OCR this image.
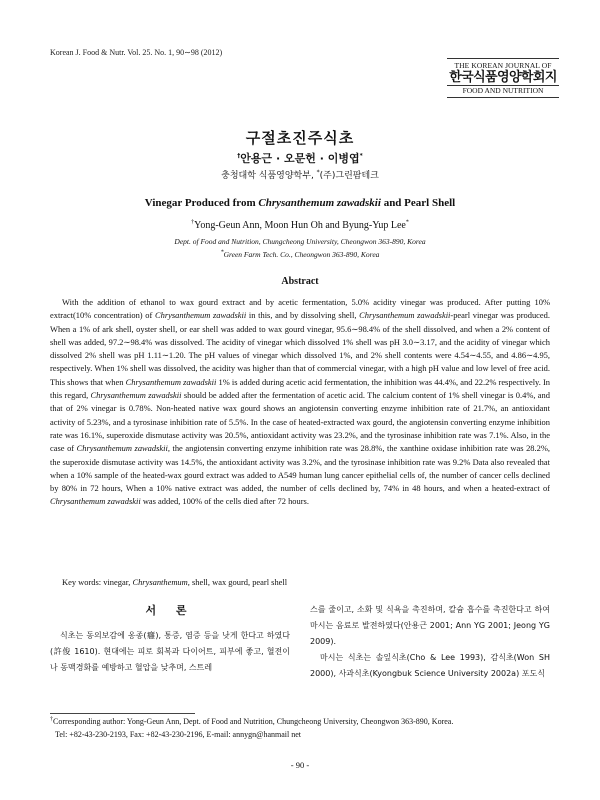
Korean J. Food & Nutr. Vol. 25. No. 1, 90∼98 (2012)
THE KOREAN JOURNAL OF
한국식품영양학회지
FOOD AND NUTRITION
구절초진주식초
†안용근 · 오문헌 · 이병엽*
충청대학 식품영양학부, *(주)그린팜테크
Vinegar Produced from Chrysanthemum zawadskii and Pearl Shell
†Yong-Geun Ann, Moon Hun Oh and Byung-Yup Lee*
Dept. of Food and Nutrition, Chungcheong University, Cheongwon 363-890, Korea
*Green Farm Tech. Co., Cheongwon 363-890, Korea
Abstract
With the addition of ethanol to wax gourd extract and by acetic fermentation, 5.0% acidity vinegar was produced. After putting 10% extract(10% concentration) of Chrysanthemum zawadskii in this, and by dissolving shell, Chrysanthemum zawadskii-pearl vinegar was produced. When a 1% of ark shell, oyster shell, or ear shell was added to wax gourd vinegar, 95.6∼98.4% of the shell dissolved, and when a 2% content of shell was added, 97.2∼98.4% was dissolved. The acidity of vinegar which dissolved 1% shell was pH 3.0∼3.17, and the acidity of vinegar which dissolved 2% shell was pH 1.11∼1.20. The pH values of vinegar which dissolved 1%, and 2% shell contents were 4.54∼4.55, and 4.86∼4.95, respectively. When 1% shell was dissolved, the acidity was higher than that of commercial vinegar, with a high pH value and low level of free acid. This shows that when Chrysanthemum zawadskii 1% is added during acetic acid fermentation, the inhibition was 44.4%, and 22.2% respectively. In this regard, Chrysanthemum zawadskii should be added after the fermentation of acetic acid. The calcium content of 1% shell vinegar is 0.4%, and that of 2% vinegar is 0.78%. Non-heated native wax gourd shows an angiotensin converting enzyme inhibition rate of 21.7%, an antioxidant activity of 5.23%, and a tyrosinase inhibition rate of 5.5%. In the case of heated-extracted wax gourd, the angiotensin converting enzyme inhibition rate was 16.1%, superoxide dismutase activity was 20.5%, antioxidant activity was 23.2%, and the tyrosinase inhibition rate was 7.1%. Also, in the case of Chrysanthemum zawadskii, the angiotensin converting enzyme inhibition rate was 28.8%, the xanthine oxidase inhibition rate was 28.2%, the superoxide dismutase activity was 14.5%, the antioxidant activity was 3.2%, and the tyrosinase inhibition rate was 9.2% Data also revealed that when a 10% sample of the heated-wax gourd extract was added to A549 human lung cancer epithelial cells of, the number of cancer cells declined by 80% in 72 hours, When a 10% native extract was added, the number of cells declined by, 74% in 48 hours, and when a heated-extract of Chrysanthemum zawadskii was added, 100% of the cells died after 72 hours.
Key words: vinegar, Chrysanthemum, shell, wax gourd, pearl shell
서 론

식초는 동의보감에 옹종(癰), 통증, 염증 등을 낫게 한다고 하였다(許俊 1610). 현대에는 피로 회복과 다이어트, 피부에 좋고, 혈전이나 동맥경화를 예방하고 혈압을 낮추며, 스트레

스를 줄이고, 소화 및 식욕을 촉진하며, 칼슘 흡수를 촉진한다고 하여 마시는 음료로 발전하였다(안용근 2001; Ann YG 2001; Jeong YG 2009).

마시는 식초는 솔잎식초(Cho & Lee 1993), 감식초(Won SH 2000), 사과식초(Kyongbuk Science University 2002a) 포도식

†Corresponding author: Yong-Geun Ann, Dept. of Food and Nutrition, Chungcheong University, Cheongwon 363-890, Korea.
Tel: +82-43-230-2193, Fax: +82-43-230-2196, E-mail: annygn@hanmail net
- 90 -
